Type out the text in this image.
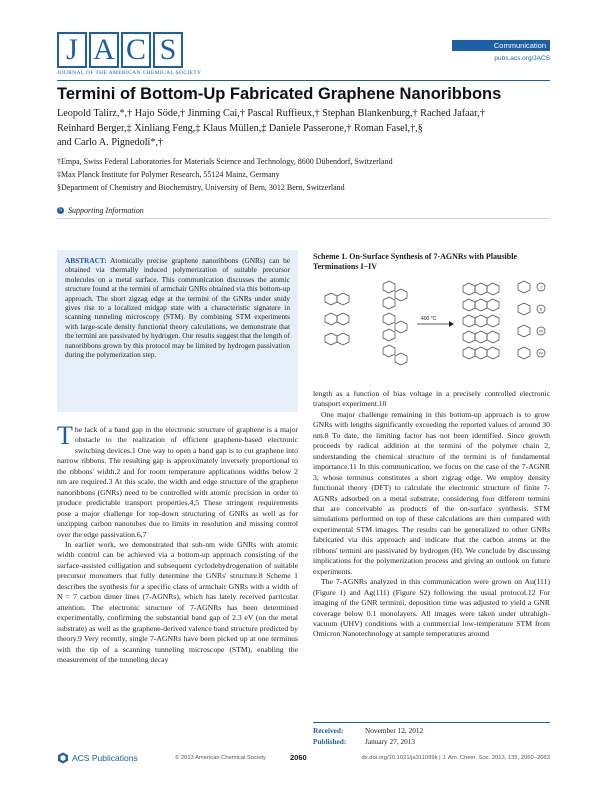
J A C S
JOURNAL OF THE AMERICAN CHEMICAL SOCIETY
Communication
pubs.acs.org/JACS
Termini of Bottom-Up Fabricated Graphene Nanoribbons
Leopold Talirz,*,† Hajo Söde,† Jinming Cai,† Pascal Ruffieux,† Stephan Blankenburg,† Rached Jafaar,†
Reinhard Berger,‡ Xinliang Feng,‡ Klaus Müllen,‡ Daniele Passerone,† Roman Fasel,†,§
and Carlo A. Pignedoli*,†
†Empa, Swiss Federal Laboratories for Materials Science and Technology, 8600 Dübendorf, Switzerland
‡Max Planck Institute for Polymer Research, 55124 Mainz, Germany
§Department of Chemistry and Biochemistry, University of Bern, 3012 Bern, Switzerland
S Supporting Information
ABSTRACT: Atomically precise graphene nanoribbons (GNRs) can be obtained via thermally induced polymerization of suitable precursor molecules on a metal surface. This communication discusses the atomic structure found at the termini of armchair GNRs obtained via this bottom-up approach. The short zigzag edge at the termini of the GNRs under study gives rise to a localized midgap state with a characteristic signature in scanning tunneling microscopy (STM). By combining STM experiments with large-scale density functional theory calculations, we demonstrate that the termini are passivated by hydrogen. Our results suggest that the length of nanoribbons grown by this protocol may be limited by hydrogen passivation during the polymerization step.
Scheme 1. On-Surface Synthesis of 7-AGNRs with Plausible Terminations I−IV
400 °C
I
II
III
IV

The lack of a band gap in the electronic structure of graphene is a major obstacle to the realization of efficient graphene-based electronic switching devices.1 One way to open a band gap is to cut graphene into narrow ribbons. The resulting gap is approximately inversely proportional to the ribbons' width,2 and for room temperature applications widths below 2 nm are required.3 At this scale, the width and edge structure of the graphene nanoribbons (GNRs) need to be controlled with atomic precision in order to produce predictable transport properties.4,5 These stringent requirements pose a major challenge for top-down structuring of GNRs as well as for unzipping carbon nanotubes due to limits in resolution and missing control over the edge passivation.6,7

In earlier work, we demonstrated that sub-nm wide GNRs with atomic width control can be achieved via a bottom-up approach consisting of the surface-assisted colligation and subsequent cyclodehydrogenation of suitable precursor monomers that fully determine the GNRs' structure.8 Scheme 1 describes the synthesis for a specific class of armchair GNRs with a width of N = 7 carbon dimer lines (7-AGNRs), which has lately received particular attention. The electronic structure of 7-AGNRs has been determined experimentally, confirming the substantial band gap of 2.3 eV (on the metal substrate) as well as the graphene-derived valence band structure predicted by theory.9 Very recently, single 7-AGNRs have been picked up at one terminus with the tip of a scanning tunneling microscope (STM), enabling the measurement of the tunneling decay

length as a function of bias voltage in a precisely controlled electronic transport experiment.10

One major challenge remaining in this bottom-up approach is to grow GNRs with lengths significantly exceeding the reported values of around 30 nm.8 To date, the limiting factor has not been identified. Since growth proceeds by radical addition at the termini of the polymer chain 2, understanding the chemical structure of the termini is of fundamental importance.11 In this communication, we focus on the case of the 7-AGNR 3, whose terminus constitutes a short zigzag edge. We employ density functional theory (DFT) to calculate the electronic structure of finite 7-AGNRs adsorbed on a metal substrate, considering four different termini that are conceivable as products of the on-surface synthesis. STM simulations performed on top of these calculations are then compared with experimental STM images. The results can be generalized to other GNRs fabricated via this approach and indicate that the carbon atoms at the ribbons' termini are passivated by hydrogen (H). We conclude by discussing implications for the polymerization process and giving an outlook on future experiments.

The 7-AGNRs analyzed in this communication were grown on Au(111) (Figure 1) and Ag(111) (Figure S2) following the usual protocol.12 For imaging of the GNR terminii, deposition time was adjusted to yield a GNR coverage below 0.1 monolayers. All images were taken under ultrahigh-vacuum (UHV) conditions with a commercial low-temperature STM from Omicron Nanotechnology at sample temperatures around

Received:	November 12, 2012
Published:	January 27, 2013
ACS Publications	© 2013 American Chemical Society	2060	dx.doi.org/10.1021/ja311099k | J. Am. Chem. Soc. 2013, 135, 2060−2063
